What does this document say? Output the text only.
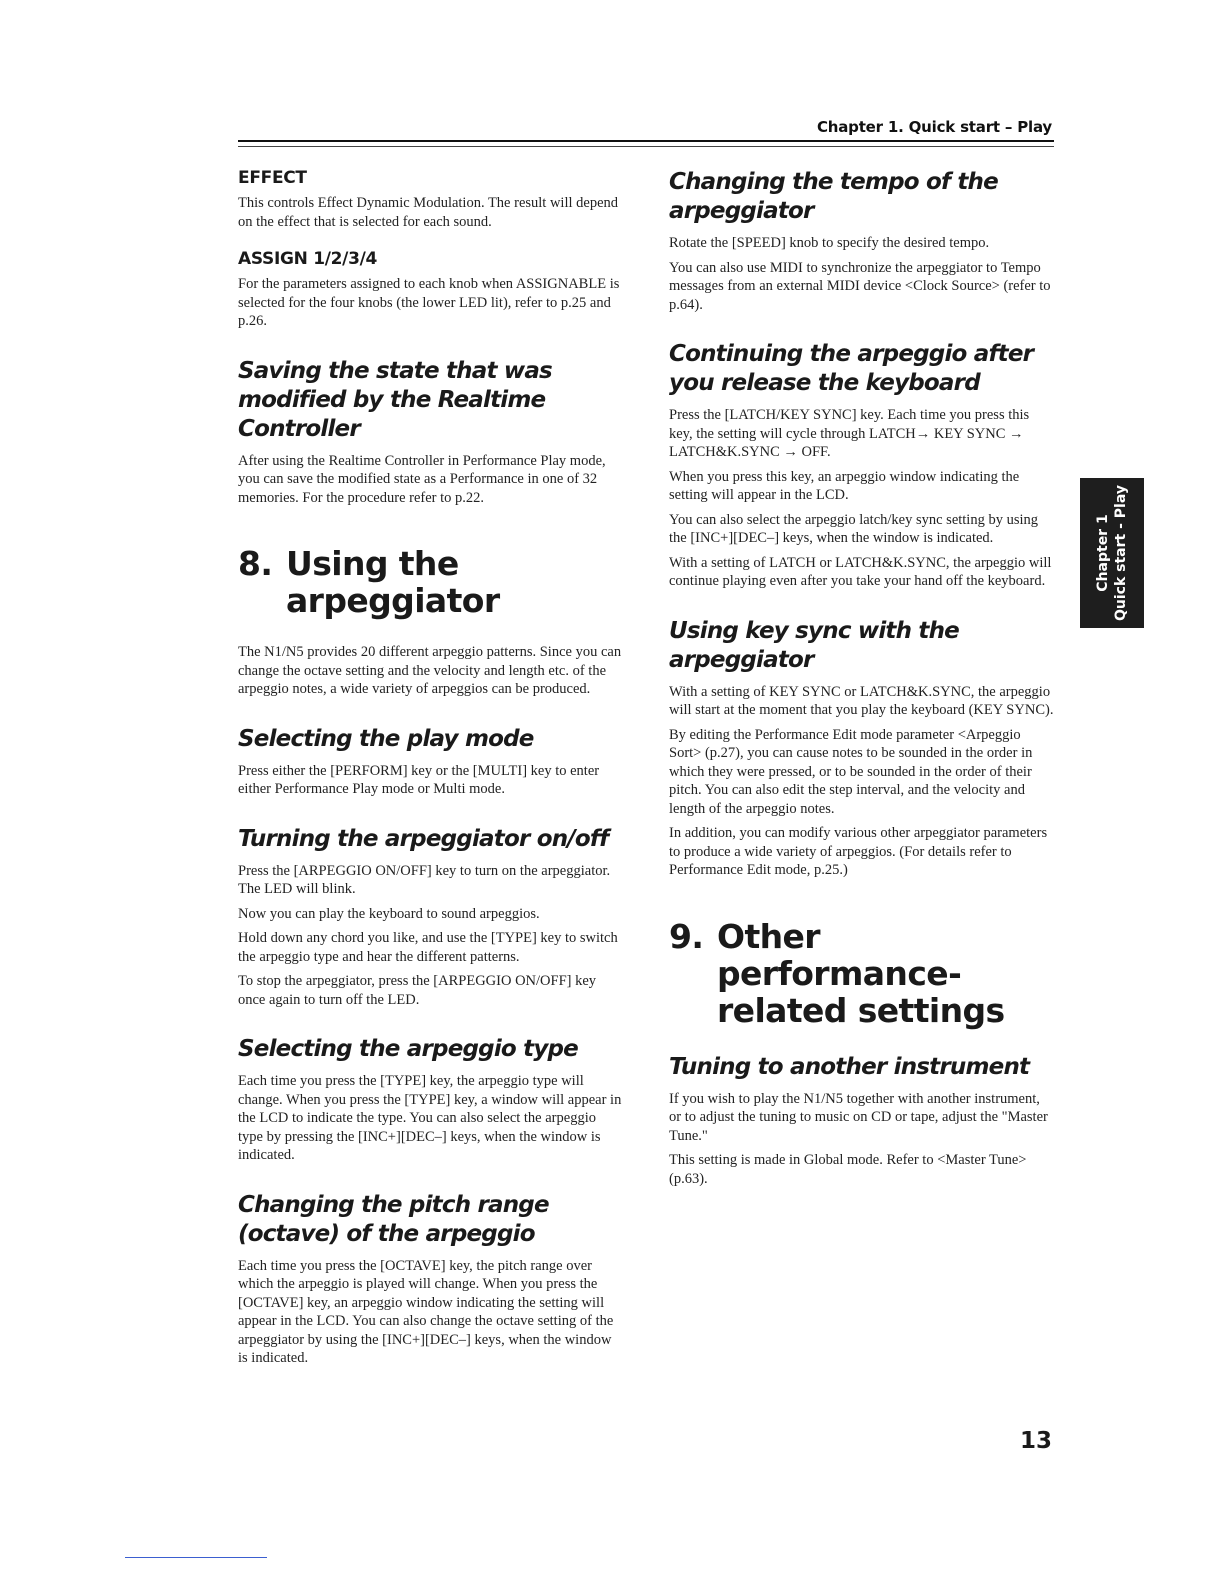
Chapter 1. Quick start – Play
EFFECT

This controls Effect Dynamic Modulation. The result will depend on the effect that is selected for each sound.

ASSIGN 1/2/3/4

For the parameters assigned to each knob when ASSIGNABLE is selected for the four knobs (the lower LED lit), refer to p.25 and p.26.

Saving the state that was modified by the Realtime Controller

After using the Realtime Controller in Performance Play mode, you can save the modified state as a Performance in one of 32 memories. For the procedure refer to p.22.

8. Using the arpeggiator

The N1/N5 provides 20 different arpeggio patterns. Since you can change the octave setting and the velocity and length etc. of the arpeggio notes, a wide variety of arpeggios can be produced.

Selecting the play mode

Press either the [PERFORM] key or the [MULTI] key to enter either Performance Play mode or Multi mode.

Turning the arpeggiator on/off

Press the [ARPEGGIO ON/OFF] key to turn on the arpeggiator. The LED will blink.

Now you can play the keyboard to sound arpeggios.

Hold down any chord you like, and use the [TYPE] key to switch the arpeggio type and hear the different patterns.

To stop the arpeggiator, press the [ARPEGGIO ON/OFF] key once again to turn off the LED.

Selecting the arpeggio type

Each time you press the [TYPE] key, the arpeggio type will change. When you press the [TYPE] key, a window will appear in the LCD to indicate the type. You can also select the arpeggio type by pressing the [INC+][DEC–] keys, when the window is indicated.

Changing the pitch range (octave) of the arpeggio

Each time you press the [OCTAVE] key, the pitch range over which the arpeggio is played will change. When you press the [OCTAVE] key, an arpeggio window indicating the setting will appear in the LCD. You can also change the octave setting of the arpeggiator by using the [INC+][DEC–] keys, when the window is indicated.

Changing the tempo of the arpeggiator

Rotate the [SPEED] knob to specify the desired tempo.

You can also use MIDI to synchronize the arpeggiator to Tempo messages from an external MIDI device <Clock Source> (refer to p.64).

Continuing the arpeggio after you release the keyboard

Press the [LATCH/KEY SYNC] key. Each time you press this key, the setting will cycle through LATCH→ KEY SYNC → LATCH&K.SYNC → OFF.

When you press this key, an arpeggio window indicating the setting will appear in the LCD.

You can also select the arpeggio latch/key sync setting by using the [INC+][DEC–] keys, when the window is indicated.

With a setting of LATCH or LATCH&K.SYNC, the arpeggio will continue playing even after you take your hand off the keyboard.

Using key sync with the arpeggiator

With a setting of KEY SYNC or LATCH&K.SYNC, the arpeggio will start at the moment that you play the keyboard (KEY SYNC).

By editing the Performance Edit mode parameter <Arpeggio Sort> (p.27), you can cause notes to be sounded in the order in which they were pressed, or to be sounded in the order of their pitch. You can also edit the step interval, and the velocity and length of the arpeggio notes.

In addition, you can modify various other arpeggiator parameters to produce a wide variety of arpeggios. (For details refer to Performance Edit mode, p.25.)

9. Other performance-related settings
Tuning to another instrument

If you wish to play the N1/N5 together with another instrument, or to adjust the tuning to music on CD or tape, adjust the "Master Tune."

This setting is made in Global mode. Refer to <Master Tune> (p.63).

Chapter 1 Quick start - Play
13
